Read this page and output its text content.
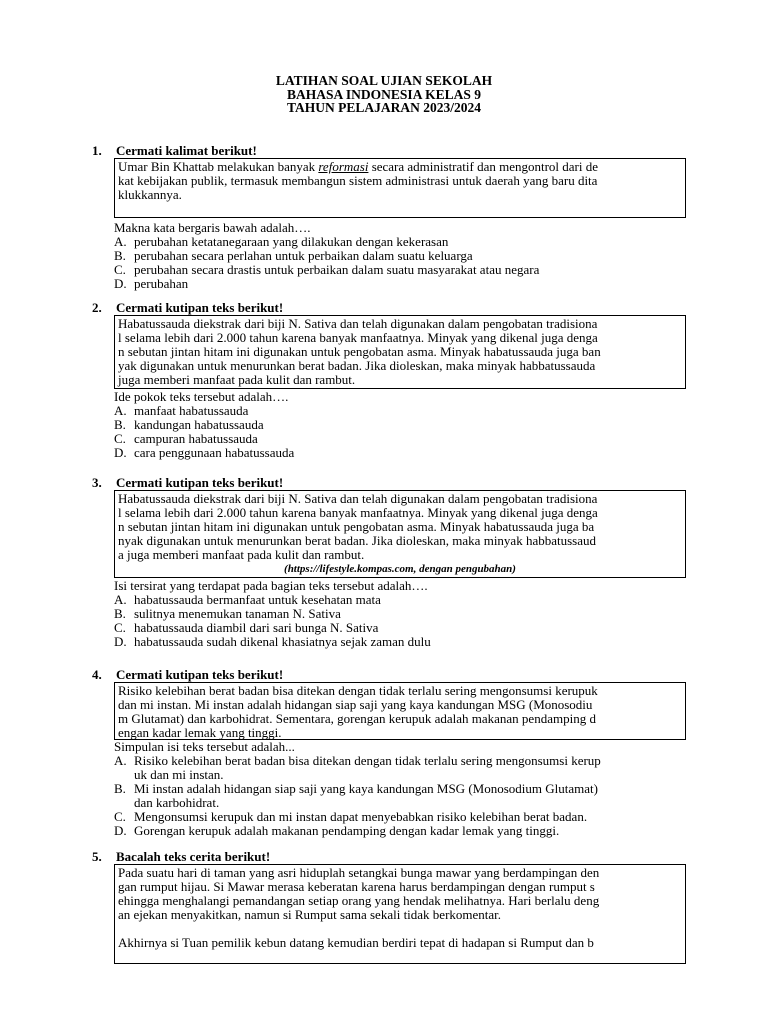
LATIHAN SOAL UJIAN SEKOLAH
BAHASA INDONESIA KELAS 9
TAHUN PELAJARAN 2023/2024
1.	Cermati kalimat berikut!
Umar Bin Khattab melakukan banyak reformasi secara administratif dan mengontrol dari de
kat kebijakan publik, termasuk membangun sistem administrasi untuk daerah yang baru dita
klukkannya.
Makna kata bergaris bawah adalah….
A. perubahan ketatanegaraan yang dilakukan dengan kekerasan
B. perubahan secara perlahan untuk perbaikan dalam suatu keluarga
C. perubahan secara drastis untuk perbaikan dalam suatu masyarakat atau negara
D. perubahan
2.	Cermati kutipan teks berikut!
Habatussauda diekstrak dari biji N. Sativa dan telah digunakan dalam pengobatan tradisiona
l selama lebih dari 2.000 tahun karena banyak manfaatnya. Minyak yang dikenal juga denga
n sebutan jintan hitam ini digunakan untuk pengobatan asma. Minyak habatussauda juga ban
yak digunakan untuk menurunkan berat badan. Jika dioleskan, maka minyak habbatussauda
juga memberi manfaat pada kulit dan rambut.
Ide pokok teks tersebut adalah….
A. manfaat habatussauda
B. kandungan habatussauda
C. campuran habatussauda
D. cara penggunaan habatussauda
3.	Cermati kutipan teks berikut!
Habatussauda diekstrak dari biji N. Sativa dan telah digunakan dalam pengobatan tradisiona
l selama lebih dari 2.000 tahun karena banyak manfaatnya. Minyak yang dikenal juga denga
n sebutan jintan hitam ini digunakan untuk pengobatan asma. Minyak habatussauda juga ba
nyak digunakan untuk menurunkan berat badan. Jika dioleskan, maka minyak habbatussaud
a juga memberi manfaat pada kulit dan rambut.
(https://lifestyle.kompas.com, dengan pengubahan)
Isi tersirat yang terdapat pada bagian teks tersebut adalah….
A. habatussauda bermanfaat untuk kesehatan mata
B. sulitnya menemukan tanaman N. Sativa
C. habatussauda diambil dari sari bunga N. Sativa
D. habatussauda sudah dikenal khasiatnya sejak zaman dulu
4.	Cermati kutipan teks berikut!
Risiko kelebihan berat badan bisa ditekan dengan tidak terlalu sering mengonsumsi kerupuk
dan mi instan. Mi instan adalah hidangan siap saji yang kaya kandungan MSG (Monosodiu
m Glutamat) dan karbohidrat. Sementara, gorengan kerupuk adalah makanan pendamping d
engan kadar lemak yang tinggi.
Simpulan isi teks tersebut adalah...
A. Risiko kelebihan berat badan bisa ditekan dengan tidak terlalu sering mengonsumsi kerup
uk dan mi instan.
B. Mi instan adalah hidangan siap saji yang kaya kandungan MSG (Monosodium Glutamat)
dan karbohidrat.
C. Mengonsumsi kerupuk dan mi instan dapat menyebabkan risiko kelebihan berat badan.
D. Gorengan kerupuk adalah makanan pendamping dengan kadar lemak yang tinggi.
5.	Bacalah teks cerita berikut!
Pada suatu hari di taman yang asri hiduplah setangkai bunga mawar yang berdampingan den
gan rumput hijau. Si Mawar merasa keberatan karena harus berdampingan dengan rumput s
ehingga menghalangi pemandangan setiap orang yang hendak melihatnya. Hari berlalu deng
an ejekan menyakitkan, namun si Rumput sama sekali tidak berkomentar.
Akhirnya si Tuan pemilik kebun datang kemudian berdiri tepat di hadapan si Rumput dan b
